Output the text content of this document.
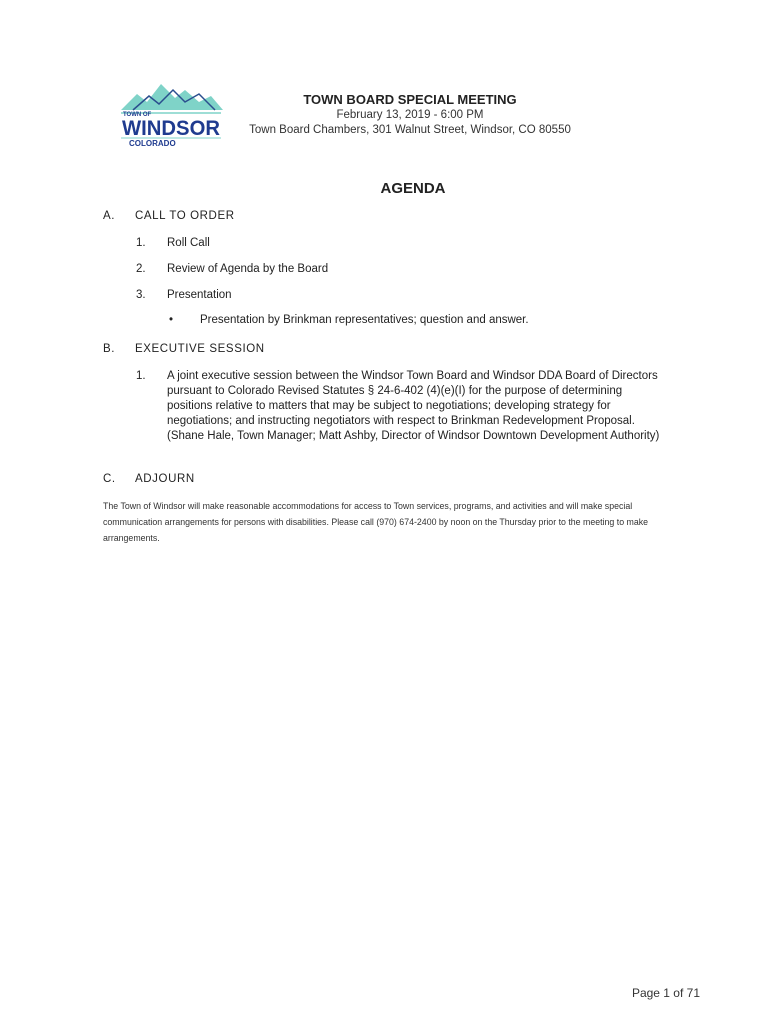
TOWN OF
WINDSOR
COLORADO
TOWN BOARD SPECIAL MEETING
February 13, 2019 - 6:00 PM
Town Board Chambers, 301 Walnut Street, Windsor, CO 80550
AGENDA
A. CALL TO ORDER
1. Roll Call
2. Review of Agenda by the Board
3. Presentation
• Presentation by Brinkman representatives; question and answer.
B. EXECUTIVE SESSION
1. A joint executive session between the Windsor Town Board and Windsor DDA Board of Directors pursuant to Colorado Revised Statutes § 24-6-402 (4)(e)(I) for the purpose of determining positions relative to matters that may be subject to negotiations; developing strategy for negotiations; and instructing negotiators with respect to Brinkman Redevelopment Proposal. (Shane Hale, Town Manager; Matt Ashby, Director of Windsor Downtown Development Authority)
C. ADJOURN
The Town of Windsor will make reasonable accommodations for access to Town services, programs, and activities and will make special communication arrangements for persons with disabilities. Please call (970) 674-2400 by noon on the Thursday prior to the meeting to make arrangements.
Page 1 of 71
